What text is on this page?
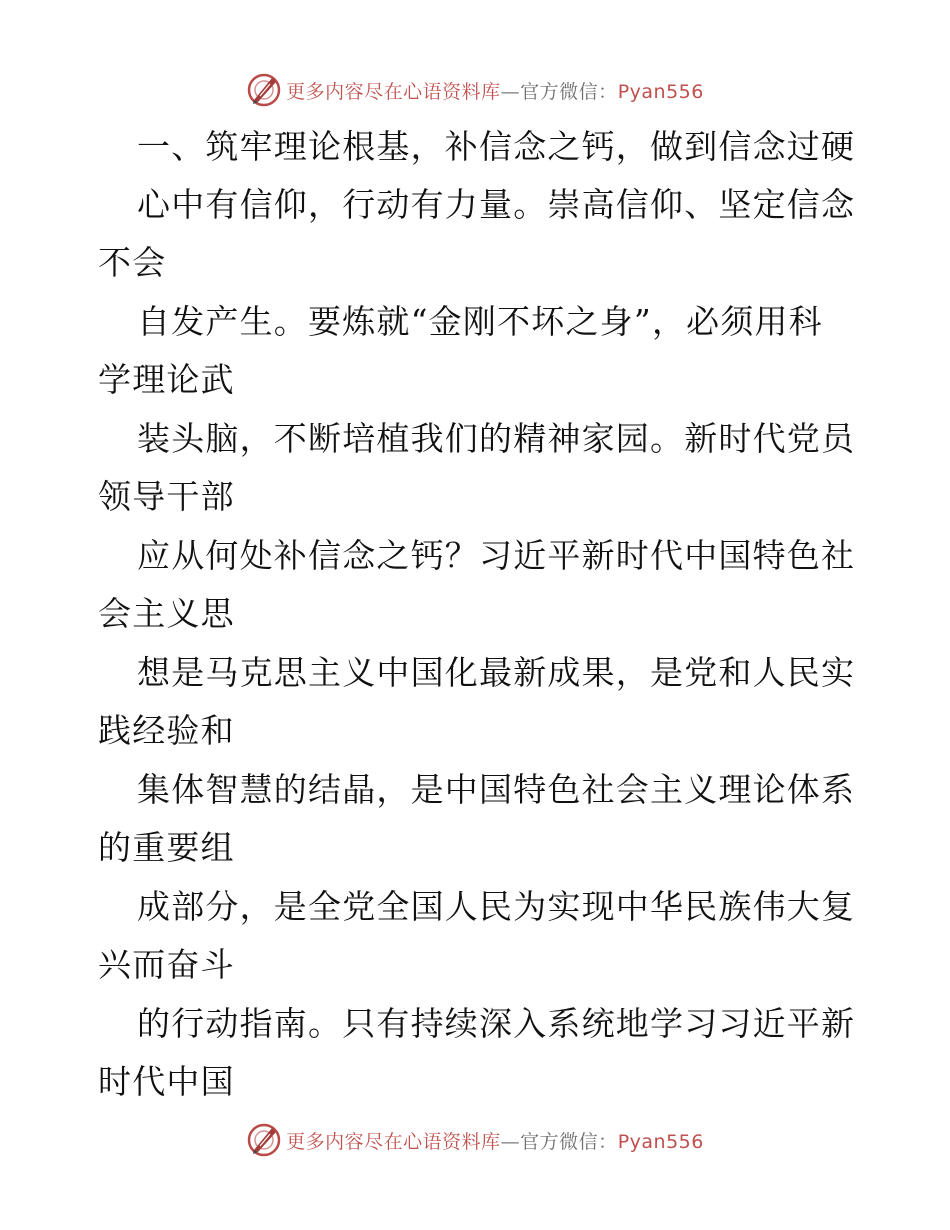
更多内容尽在心语资料库—官方微信：Pyan556
一、筑牢理论根基，补信念之钙，做到信念过硬
心中有信仰，行动有力量。崇高信仰、坚定信念
不会
自发产生。要炼就“金刚不坏之身”，必须用科
学理论武
装头脑，不断培植我们的精神家园。新时代党员
领导干部
应从何处补信念之钙？习近平新时代中国特色社
会主义思
想是马克思主义中国化最新成果，是党和人民实
践经验和
集体智慧的结晶，是中国特色社会主义理论体系
的重要组
成部分，是全党全国人民为实现中华民族伟大复
兴而奋斗
的行动指南。只有持续深入系统地学习习近平新
时代中国
更多内容尽在心语资料库—官方微信：Pyan556
